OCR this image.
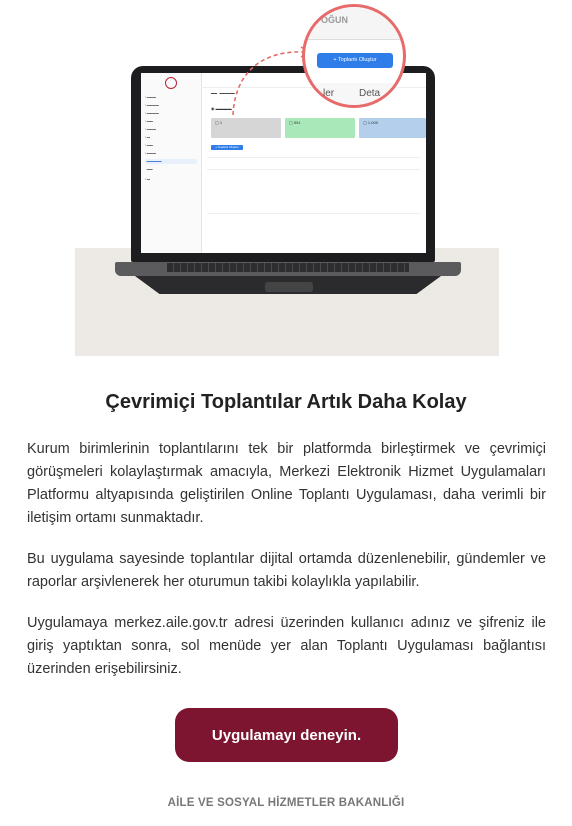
▪ ▬▬▬
▪ ▬▬▬▬
▪ ▬▬▬▬
▪ ▬▬
▪ ▬▬▬
▪ ▬
▪ ▬▬
▪ ▬▬▬
▬▬▬▬▬
▬▬
▪ ▬
▬▬ · ▬▬▬▬▬
◉ ▬▬▬▬
▢ 1	▢ 591	▢ 1.005
+ Toplantı Oluştur
OĞUN
+ Toplantı Oluştur
ler Deta
Çevrimiçi Toplantılar Artık Daha Kolay

Kurum birimlerinin toplantılarını tek bir platformda birleştirmek ve çevrimiçi görüşmeleri kolaylaştırmak amacıyla, Merkezi Elektronik Hizmet Uygulamaları Platformu altyapısında geliştirilen Online Toplantı Uygulaması, daha verimli bir iletişim ortamı sunmaktadır.

Bu uygulama sayesinde toplantılar dijital ortamda düzenlenebilir, gündemler ve raporlar arşivlenerek her oturumun takibi kolaylıkla yapılabilir.

Uygulamaya merkez.aile.gov.tr adresi üzerinden kullanıcı adınız ve şifreniz ile giriş yaptıktan sonra, sol menüde yer alan Toplantı Uygulaması bağlantısı üzerinden erişebilirsiniz.

Uygulamayı deneyin.
AİLE VE SOSYAL HİZMETLER BAKANLIĞI
